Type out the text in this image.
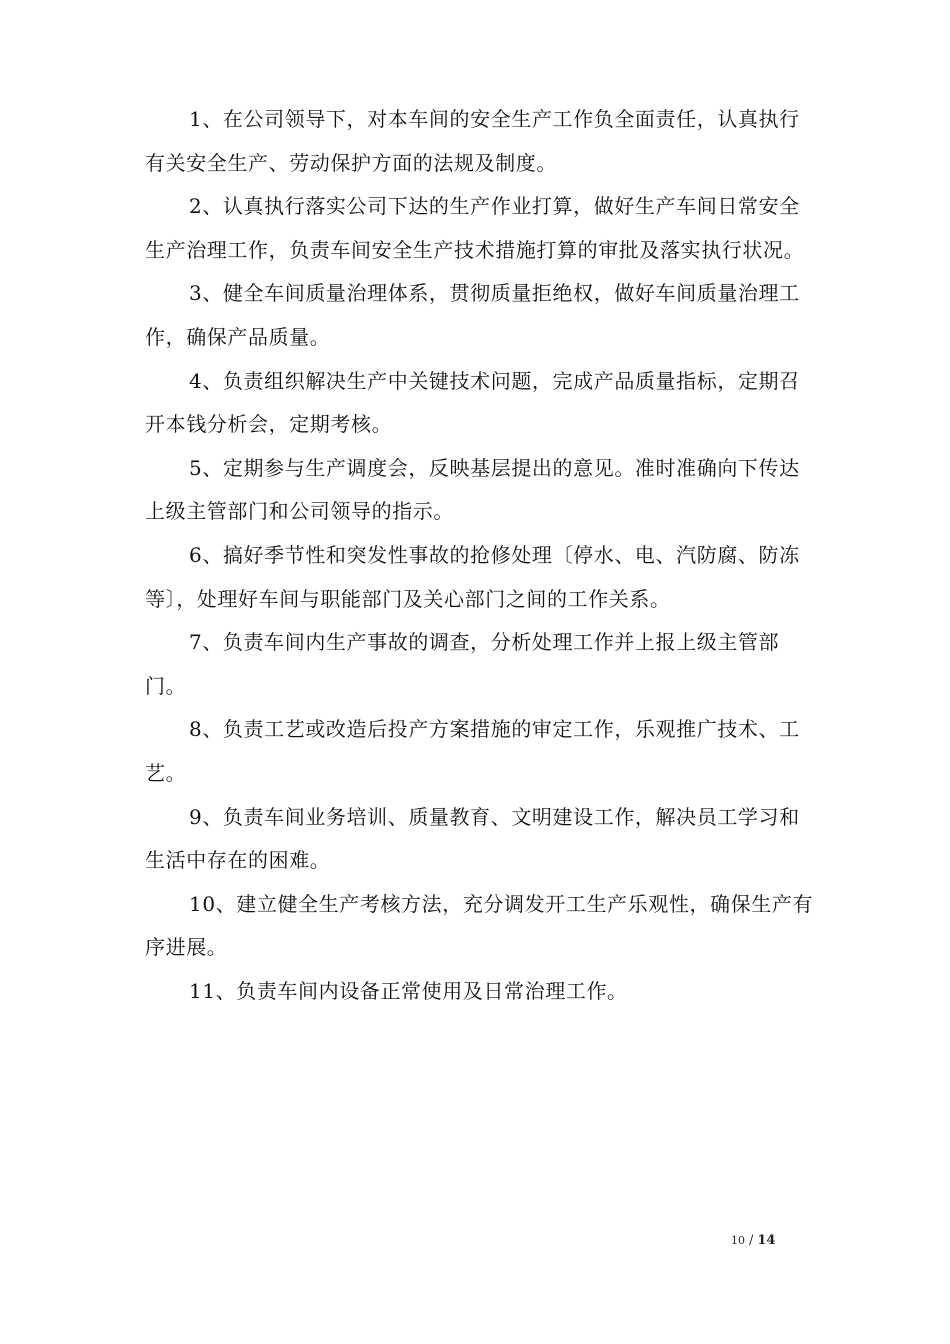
1、在公司领导下，对本车间的安全生产工作负全面责任，认真执行有关安全生产、劳动保护方面的法规及制度。

2、认真执行落实公司下达的生产作业打算，做好生产车间日常安全生产治理工作，负责车间安全生产技术措施打算的审批及落实执行状况。

3、健全车间质量治理体系，贯彻质量拒绝权，做好车间质量治理工作，确保产品质量。

4、负责组织解决生产中关键技术问题，完成产品质量指标，定期召开本钱分析会，定期考核。

5、定期参与生产调度会，反映基层提出的意见。准时准确向下传达上级主管部门和公司领导的指示。

6、搞好季节性和突发性事故的抢修处理〔停水、电、汽防腐、防冻等〕，处理好车间与职能部门及关心部门之间的工作关系。

7、负责车间内生产事故的调查，分析处理工作并上报上级主管部门。

8、负责工艺或改造后投产方案措施的审定工作，乐观推广技术、工艺。

9、负责车间业务培训、质量教育、文明建设工作，解决员工学习和生活中存在的困难。

10、建立健全生产考核方法，充分调发开工生产乐观性，确保生产有序进展。

11、负责车间内设备正常使用及日常治理工作。

10 / 14
